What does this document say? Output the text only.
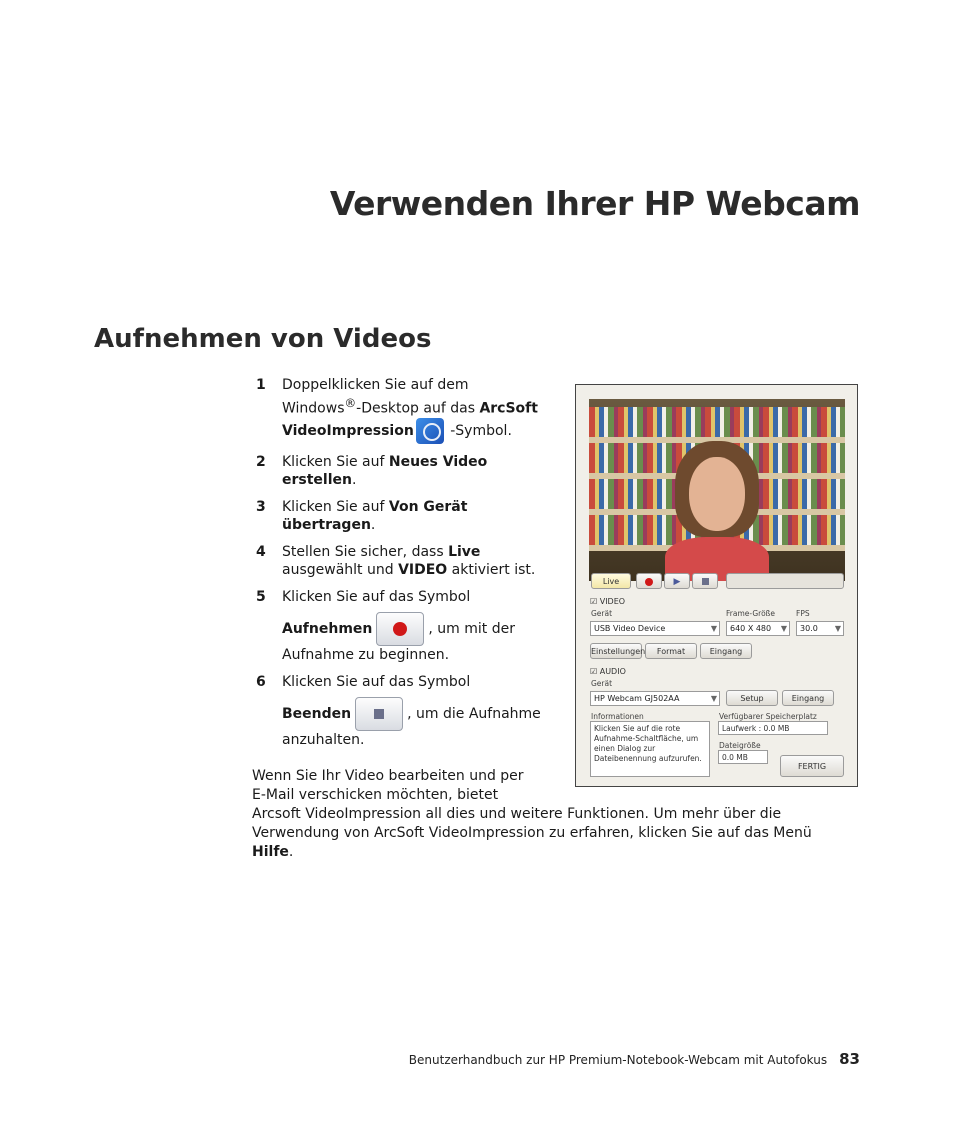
Verwenden Ihrer HP Webcam
Aufnehmen von Videos
1 Doppelklicken Sie auf dem Windows®-Desktop auf das ArcSoft VideoImpression -Symbol.
2 Klicken Sie auf Neues Video erstellen.
3 Klicken Sie auf Von Gerät übertragen.
4 Stellen Sie sicher, dass Live ausgewählt und VIDEO aktiviert ist.
5 Klicken Sie auf das Symbol
Aufnehmen	, um mit der Aufnahme zu beginnen.
6 Klicken Sie auf das Symbol
Beenden	, um die Aufnahme anzuhalten.
Wenn Sie Ihr Video bearbeiten und per
E-Mail verschicken möchten, bietet
Arcsoft VideoImpression all dies und weitere Funktionen. Um mehr über die Verwendung von ArcSoft VideoImpression zu erfahren, klicken Sie auf das Menü Hilfe.
Live	▶
☑ VIDEO
Gerät	Frame-Größe	FPS
USB Video Device ▼	640 X 480 ▼	30.0 ▼
Einstellungen	Format	Eingang
☑ AUDIO
Gerät
HP Webcam GJ502AA ▼	Setup	Eingang
Informationen
Klicken Sie auf die rote Aufnahme-Schaltfläche, um einen Dialog zur Dateibenennung aufzurufen.
Verfügbarer Speicherplatz
Laufwerk : 0.0 MB
Dateigröße
0.0 MB
FERTIG
Benutzerhandbuch zur HP Premium-Notebook-Webcam mit Autofokus 83
